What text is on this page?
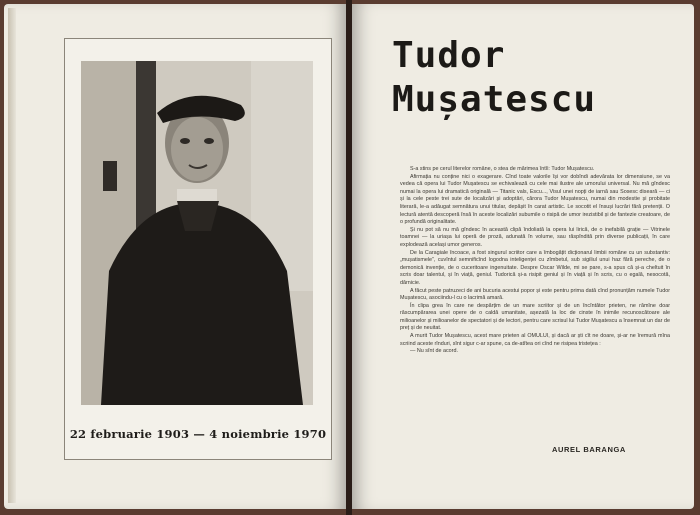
22 februarie 1903 — 4 noiembrie 1970
Tudor
Mușatescu

S-a stins pe cerul literelor române, o stea de mărimea întîi: Tudor Mușatescu.

Afirmația nu conține nici o exagerare. Cînd toate valorile își vor dobîndi adevărata lor dimensiune, se va vedea că opera lui Tudor Mușatescu se echivalează cu cele mai ilustre ale umorului universal. Nu mă gîndesc numai la opera lui dramatică originală — Titanic vals, Escu..., Visul unei nopți de iarnă sau Sosesc diseară — ci și la cele peste trei sute de localizări și adoptări, cărora Tudor Mușatescu, numai din modestie și probitate literară, le-a adăugat semnătura unui titular, depășit în carat artistic. Le socotit el însuși lucrări fără pretenții. O lectură atentă descoperă însă în aceste localizări subumile o risipă de umor irezistibil și de fantezie creatoare, de o profundă originalitate.

Și nu pot să nu mă gîndesc în această clipă îndoliată la opera lui lirică, de o inefabilă grație — Vitrinele toamnei — la uriașa lui operă de proză, adunată în volume, sau răspîndită prin diverse publicații, în care explodează același umor generos.

De la Caragiale încoace, a fost singurul scriitor care a îmbogățit dicționarul limbii române cu un substantiv: „mușatismele”, cuvîntul semnificînd logodna inteligenței cu zîmbetul, sub sigiliul unui haz fără pereche, de o demonică invenție, de o cuceritoare ingenuitate. Despre Oscar Wilde, mi se pare, s-a spus că și-a cheltuit în scris doar talentul, și în viață, geniul. Tudorică și-a risipit geniul și în viață și în scris, cu o egală, nesocotă, dărnicie.

A făcut peste patruzeci de ani bucuria acestui popor și este pentru prima dată cînd pronunțăm numele Tudor Mușatescu, asociindu-l cu o lacrimă amară.

În clipa grea în care ne despărțim de un mare scriitor și de un încîntător prieten, ne rămîne doar răscumpărarea unei opere de o caldă umanitate, așezată la loc de cinste în inimile recunoscătoare ale milioanelor și milioanelor de spectatori și de lectori, pentru care scrisul lui Tudor Mușatescu a însemnat un dar de preț și de neuitat.

A murit Tudor Mușatescu, acest mare prieten al OMULUI, și dacă ar ști cît ne doare, și-ar ne îremură mîna scriind aceste rînduri, sînt sigur c-ar spune, ca de-atîtea ori cînd ne risipea tristețea :

— Nu sînt de acord.

AUREL BARANGA
